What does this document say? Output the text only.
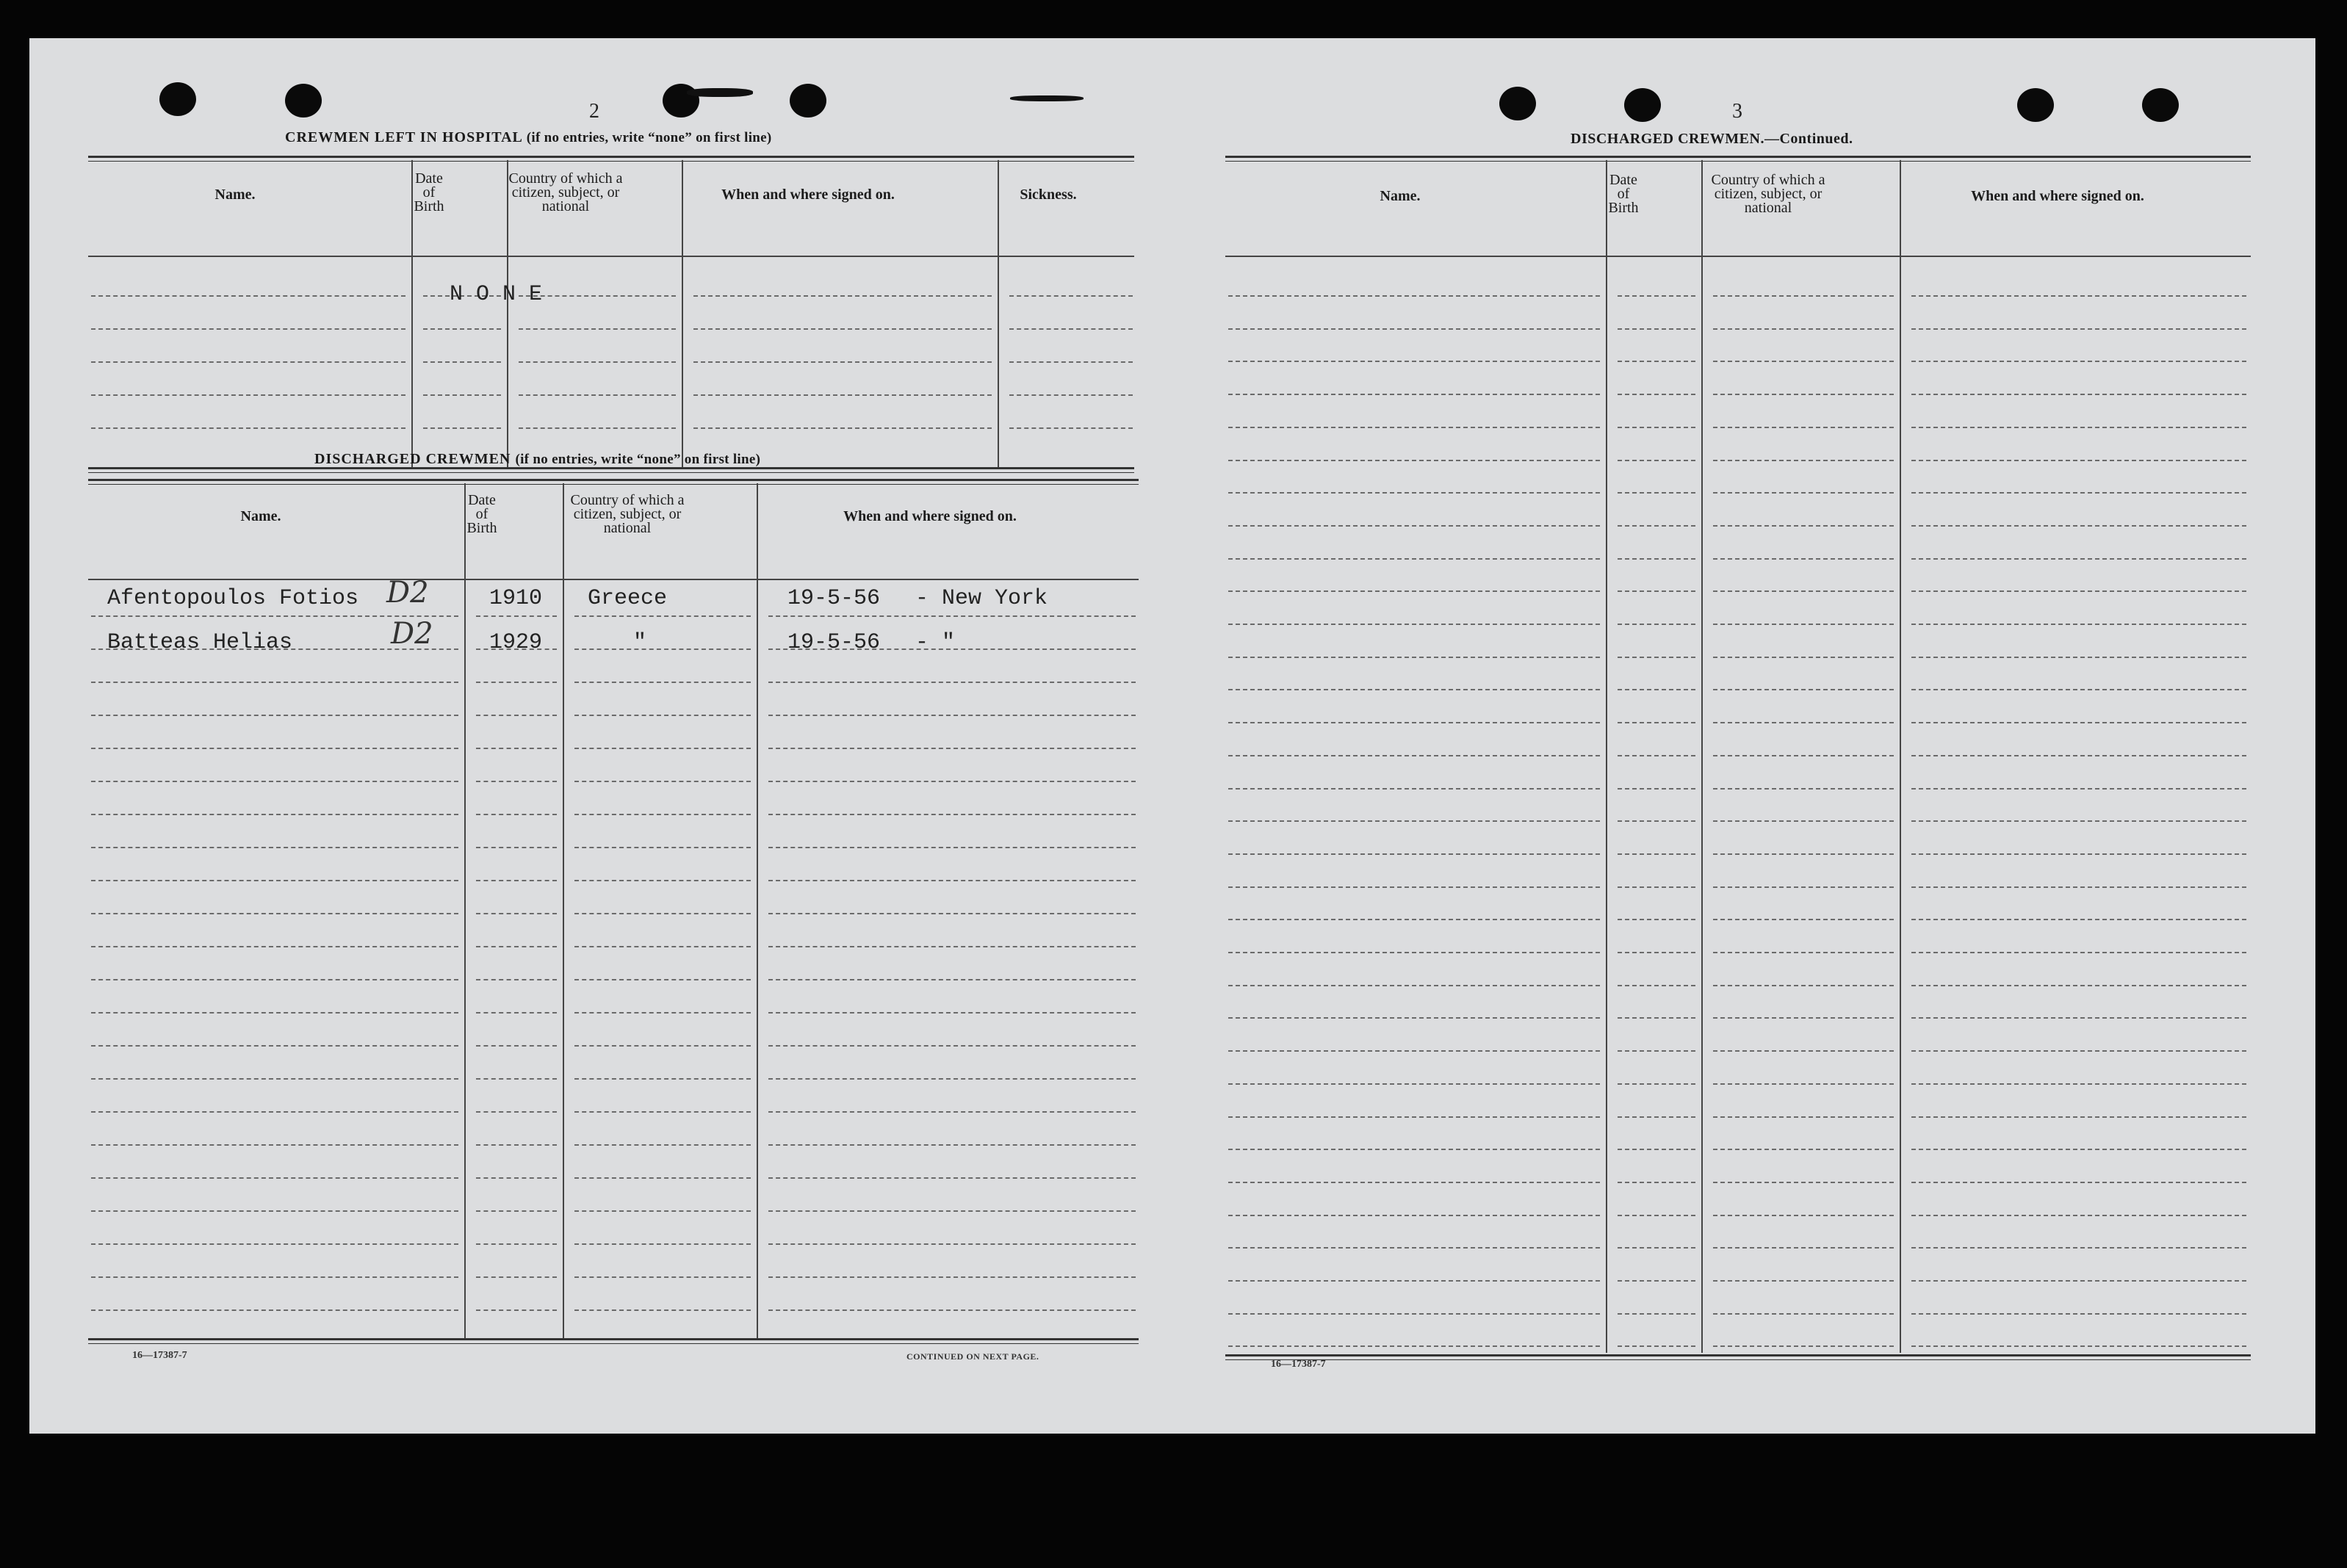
2
CREWMEN LEFT IN HOSPITAL (if no entries, write “none” on first line)
Name.
Date
of
Birth
Country of which a
citizen, subject, or
national
When and where signed on.	Sickness.
N O N E
DISCHARGED CREWMEN (if no entries, write “none” on first line)
Name.
Date
of
Birth
Country of which a
citizen, subject, or
national
When and where signed on.
Afentopoulos Fotios D2	1910 Greece	19-5-56 - New York
Batteas Helias	D2	1929	"	19-5-56 - "
16—17387-7	CONTINUED ON NEXT PAGE.
3
DISCHARGED CREWMEN.—Continued.
Name.
Date
of
Birth
Country of which a
citizen, subject, or
national
When and where signed on.
16—17387-7
